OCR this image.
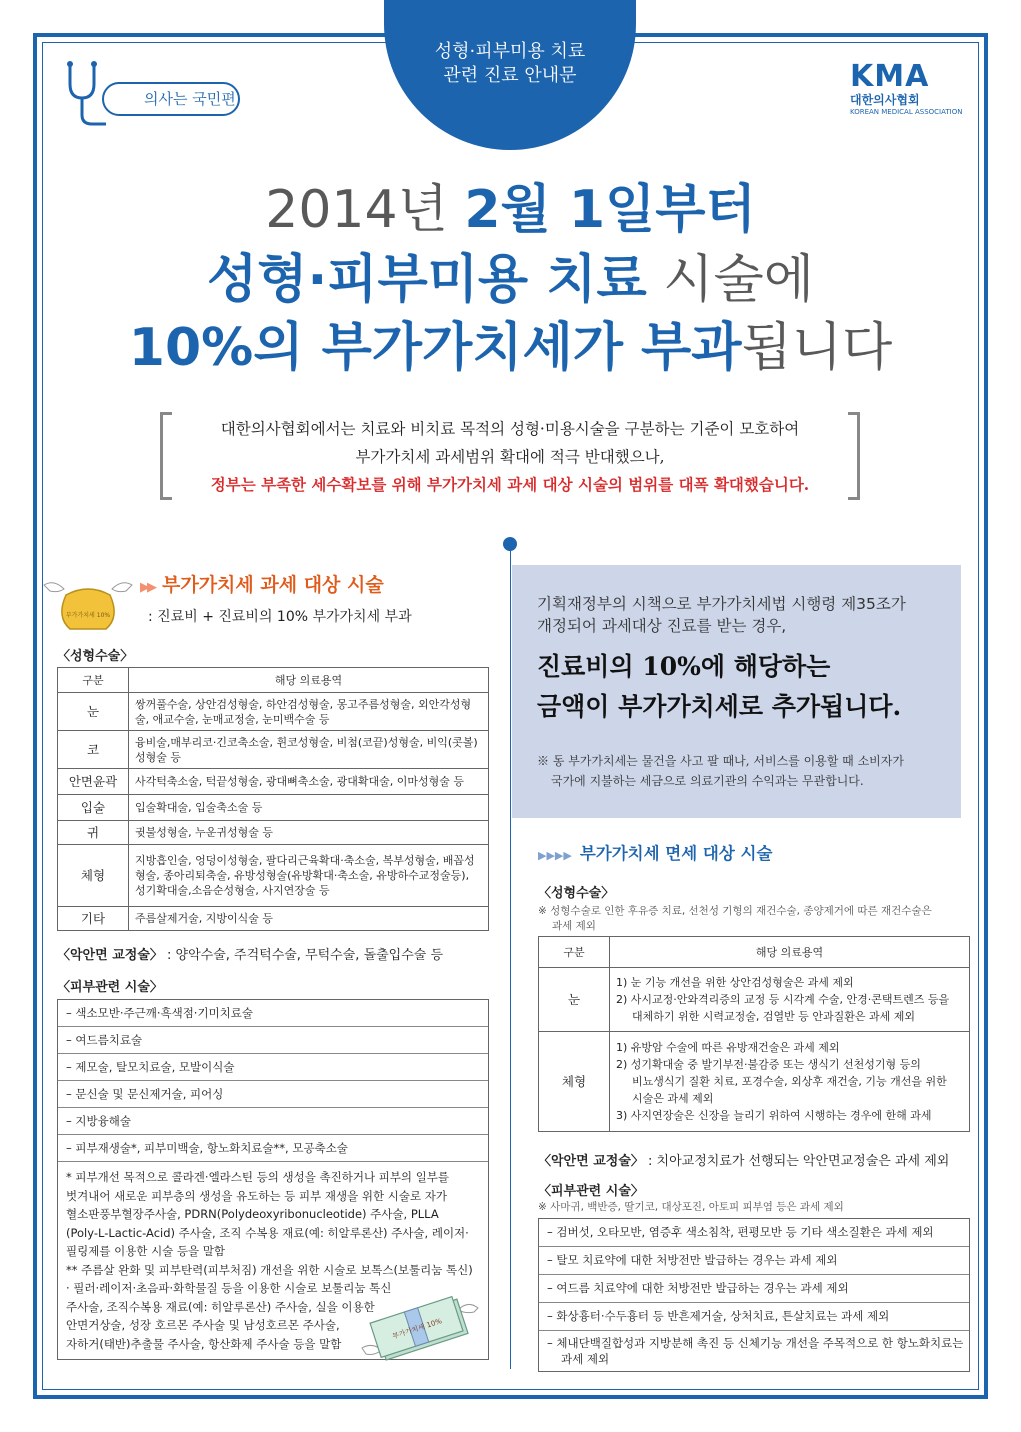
성형·피부미용 치료
관련 진료 안내문
의사는 국민편
KMA
대한의사협회
KOREAN MEDICAL ASSOCIATION
2014년 2월 1일부터
성형·피부미용 치료 시술에
10%의 부가가치세가 부과됩니다

대한의사협회에서는 치료와 비치료 목적의 성형·미용시술을 구분하는 기준이 모호하여

부가가치세 과세범위 확대에 적극 반대했으나,

정부는 부족한 세수확보를 위해 부가가치세 과세 대상 시술의 범위를 대폭 확대했습니다.

부가가치세 10%
▶▶ 부가가치세 과세 대상 시술
: 진료비 + 진료비의 10% 부가가치세 부과
〈성형수술〉
구분	해당 의료용역
눈	쌍꺼풀수술, 상안검성형술, 하안검성형술, 몽고주름성형술, 외안각성형술, 애교수술, 눈매교정술, 눈미백수술 등
코	융비술,매부리코·긴코축소술, 휜코성형술, 비첨(코끝)성형술, 비익(콧볼)성형술 등
안면윤곽	사각턱축소술, 턱끝성형술, 광대뼈축소술, 광대확대술, 이마성형술 등
입술	입술확대술, 입술축소술 등
귀	귓불성형술, 누운귀성형술 등
체형	지방흡인술, 엉덩이성형술, 팔다리근육확대·축소술, 복부성형술, 배꼽성형술, 종아리퇴축술, 유방성형술(유방확대·축소술, 유방하수교정술등), 성기확대술,소음순성형술, 사지연장술 등
기타	주름살제거술, 지방이식술 등
〈악안면 교정술〉 : 양악수술, 주걱턱수술, 무턱수술, 돌출입수술 등
〈피부관련 시술〉
– 색소모반·주근깨·흑색점·기미치료술
– 여드름치료술
– 제모술, 탈모치료술, 모발이식술
– 문신술 및 문신제거술, 피어싱
– 지방융해술
– 피부재생술*, 피부미백술, 항노화치료술**, 모공축소술
* 피부개선 목적으로 콜라겐·엘라스틴 등의 생성을 촉진하거나 피부의 일부를
벗겨내어 새로운 피부층의 생성을 유도하는 등 피부 재생을 위한 시술로 자가
혈소판풍부혈장주사술, PDRN(Polydeoxyribonucleotide) 주사술, PLLA
(Poly-L-Lactic-Acid) 주사술, 조직 수복용 재료(예: 히알루론산) 주사술, 레이저·
필링제를 이용한 시술 등을 말함
** 주름살 완화 및 피부탄력(피부처짐) 개선을 위한 시술로 보톡스(보툴리눔 톡신)
· 필러·레이저·초음파·화학물질 등을 이용한 시술로 보툴리눔 톡신
주사술, 조직수복용 재료(예: 히알루론산) 주사술, 실을 이용한
안면거상술, 성장 호르몬 주사술 및 남성호르몬 주사술,
자하거(태반)추출물 주사술, 항산화제 주사술 등을 말함
부가가치세 10%
기획재정부의 시책으로 부가가치세법 시행령 제35조가
개정되어 과세대상 진료를 받는 경우,
진료비의 10%에 해당하는
금액이 부가가치세로 추가됩니다.
※ 동 부가가치세는 물건을 사고 팔 때나, 서비스를 이용할 때 소비자가
국가에 지불하는 세금으로 의료기관의 수익과는 무관합니다.
▶▶▶▶ 부가가치세 면세 대상 시술
〈성형수술〉
※ 성형수술로 인한 후유증 치료, 선천성 기형의 재건수술, 종양제거에 따른 재건수술은
과세 제외
구분	해당 의료용역
눈	1) 눈 기능 개선을 위한 상안검성형술은 과세 제외
2) 사시교정·안와격리증의 교정 등 시각계 수술, 안경·콘택트렌즈 등을
대체하기 위한 시력교정술, 검열반 등 안과질환은 과세 제외

체형	1) 유방암 수술에 따른 유방재건술은 과세 제외
2) 성기확대술 중 발기부전·불감증 또는 생식기 선천성기형 등의
비뇨생식기 질환 치료, 포경수술, 외상후 재건술, 기능 개선을 위한
시술은 과세 제외
3) 사지연장술은 신장을 늘리기 위하여 시행하는 경우에 한해 과세
〈악안면 교정술〉 : 치아교정치료가 선행되는 악안면교정술은 과세 제외
〈피부관련 시술〉
※ 사마귀, 백반증, 딸기코, 대상포진, 아토피 피부염 등은 과세 제외
– 검버섯, 오타모반, 염증후 색소침착, 편평모반 등 기타 색소질환은 과세 제외
– 탈모 치료약에 대한 처방전만 발급하는 경우는 과세 제외
– 여드름 치료약에 대한 처방전만 발급하는 경우는 과세 제외
– 화상흉터·수두흉터 등 반흔제거술, 상처치료, 튼살치료는 과세 제외
– 체내단백질합성과 지방분해 촉진 등 신체기능 개선을 주목적으로 한 항노화치료는
과세 제외
